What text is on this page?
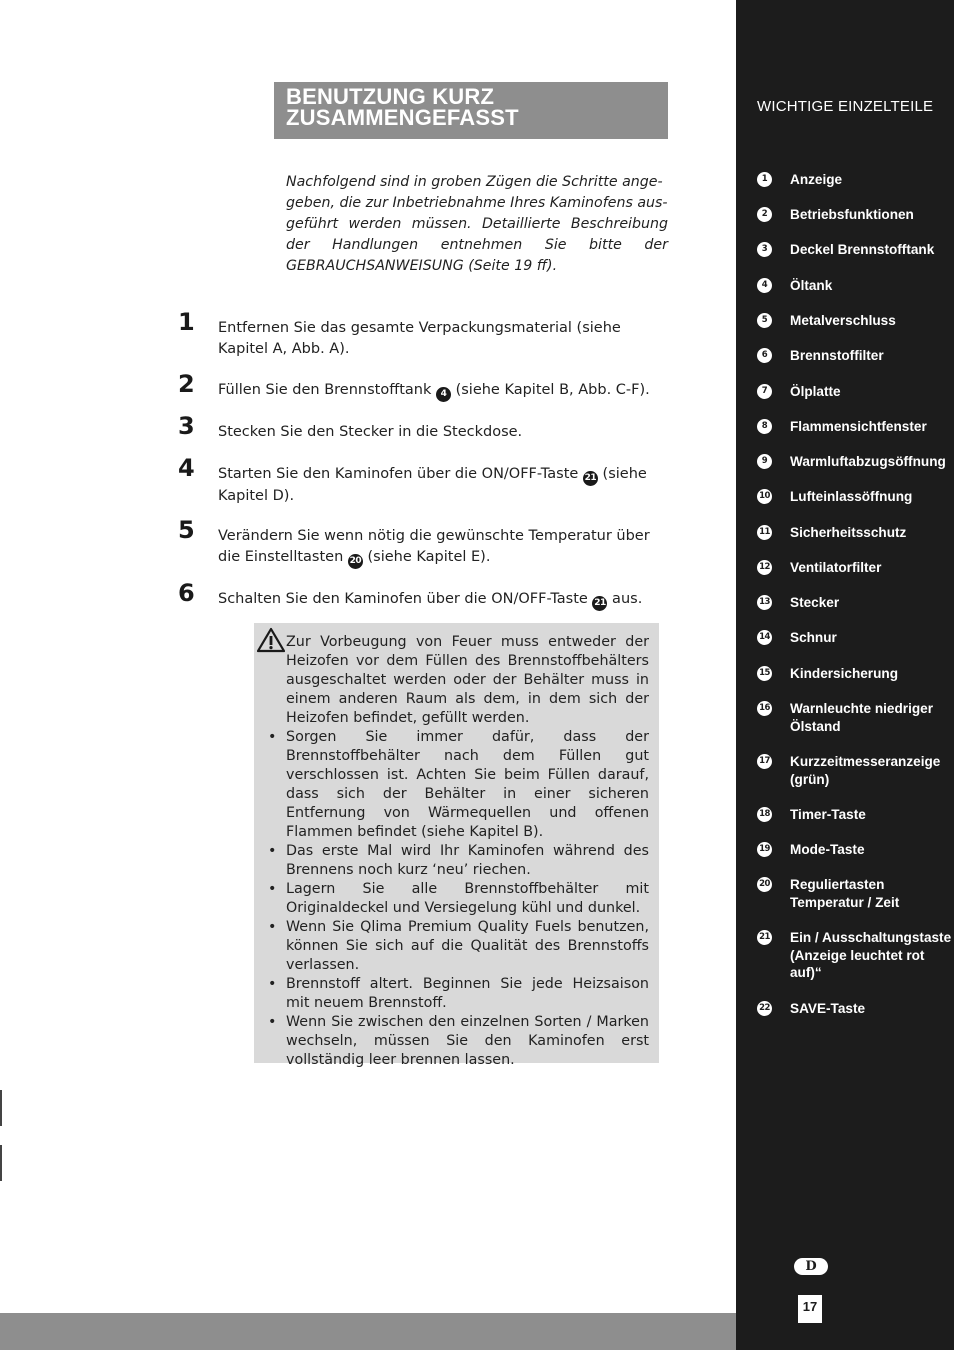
BENUTZUNG KURZ
ZUSAMMENGEFASST
Nachfolgend sind in groben Zügen die Schritte ange-
geben, die zur Inbetriebnahme Ihres Kaminofens aus-
geführt werden müssen. Detaillierte Beschreibung
der Handlungen entnehmen Sie bitte der
GEBRAUCHSANWEISUNG (Seite 19 ff).
1 Entfernen Sie das gesamte Verpackungsmaterial (siehe Kapitel A, Abb. A).
2 Füllen Sie den Brennstofftank 4 (siehe Kapitel B, Abb. C-F).
3 Stecken Sie den Stecker in die Steckdose.
4 Starten Sie den Kaminofen über die ON/OFF-Taste 21 (siehe Kapitel D).
5 Verändern Sie wenn nötig die gewünschte Temperatur über die Einstelltasten 20 (siehe Kapitel E).
6 Schalten Sie den Kaminofen über die ON/OFF-Taste 21 aus.

Zur Vorbeugung von Feuer muss entweder der Heizofen vor dem Füllen des Brennstoffbehälters ausgeschaltet werden oder der Behälter muss in einem anderen Raum als dem, in dem sich der Heizofen befindet, gefüllt werden.

• Sorgen Sie immer dafür, dass der Brennstoffbehälter nach dem Füllen gut verschlossen ist. Achten Sie beim Füllen darauf, dass sich der Behälter in einer sicheren Entfernung von Wärmequellen und offenen Flammen befindet (siehe Kapitel B).
• Das erste Mal wird Ihr Kaminofen während des Brennens noch kurz ‘neu’ riechen.
• Lagern Sie alle Brennstoffbehälter mit Originaldeckel und Versiegelung kühl und dunkel.
• Wenn Sie Qlima Premium Quality Fuels benutzen, können Sie sich auf die Qualität des Brennstoffs verlassen.
• Brennstoff altert. Beginnen Sie jede Heizsaison mit neuem Brennstoff.
• Wenn Sie zwischen den einzelnen Sorten / Marken wechseln, müssen Sie den Kaminofen erst vollständig leer brennen lassen.
WICHTIGE EINZELTEILE
1	Anzeige
2	Betriebsfunktionen
3	Deckel Brennstofftank
4	Öltank
5	Metalverschluss
6	Brennstoffilter
7	Ölplatte
8	Flammensichtfenster
9	Warmluftabzugsöffnung
10 Lufteinlassöffnung
11 Sicherheitsschutz
12 Ventilatorfilter
13 Stecker
14 Schnur
15 Kindersicherung
16 Warnleuchte niedriger Ölstand
17 Kurzzeitmesseranzeige (grün)
18 Timer-Taste
19 Mode-Taste
20 Reguliertasten Temperatur / Zeit
21 Ein / Ausschaltungstaste (Anzeige leuchtet rot auf)“
22 SAVE-Taste
D
17
